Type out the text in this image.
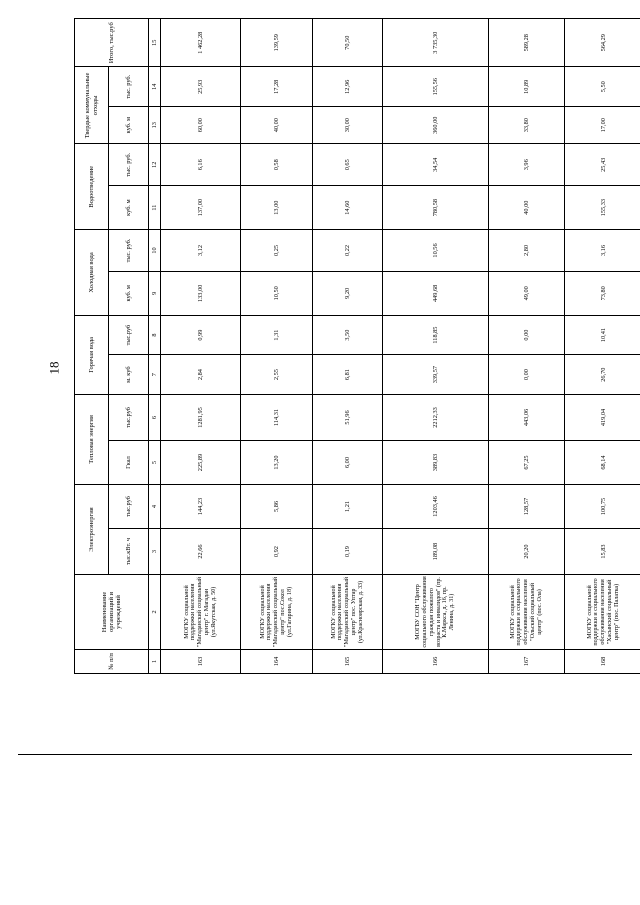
18
№ п/п	Наименование организаций и учреждений	Электроэнергия		Тепловая энергия		Горячая вода		Холодная вода		Водоотведение		Твердые коммунальные отходы		Итого, тыс.руб
		тыс.кВт. ч	тыс.руб	Гкал	тыс.руб	м. куб	тыс.руб	куб. м	тыс. руб.	куб. м	тыс. руб.	куб. м	тыс. руб.	
1	2	3	4	5	6	7	8	9	10	11	12	13	14	15
163	МОГКУ социальной поддержки населения "Магаданский социальный центр" г. Магадан (ул.Якутская, д. 50)	22,66	144,23	225,89	1281,95	2,84	0,99	133,00	3,12	137,00	6,16	60,00	25,93	1 462,28
164	МОГКУ социальной поддержки населения "Магаданский социальный центр" пос.Сокол (ул.Гагарина, д. 18)	0,92	5,86	13,20	114,31	2,55	1,31	10,50	0,25	13,00	0,58	40,00	17,28	139,59
165	МОГКУ социальной поддержки населения "Магаданский социальный центр" пос. Уптар (ул.Красноярская, д. 33)	0,19	1,21	6,00	51,96	6,81	3,50	9,20	0,22	14,60	0,65	30,00	12,96	70,50
166	МОГБУ СОН "Центр социального обслуживания граждан пожилого возраста и инвалидов" (пр. К.Маркса, д. 16, пр. Ленина, д. 31)	189,08	1203,46	389,83	2212,33	339,57	118,85	449,68	10,56	780,58	34,54	360,00	155,56	3 735,30
167	МОГКУ социальной поддержки и социального обслуживания населения "Ольский социальный центр" (пос. Ола)	20,20	128,57	67,25	443,06	0,00	0,00	49,00	2,80	40,00	3,96	33,80	10,89	589,28
168	МОГКУ социальной поддержки и социального обслуживания населения "Хасынский социальный центр" (пос. Палатка)	15,83	100,75	68,14	419,04	26,70	10,41	73,80	3,16	155,33	25,43	17,00	5,50	564,29
